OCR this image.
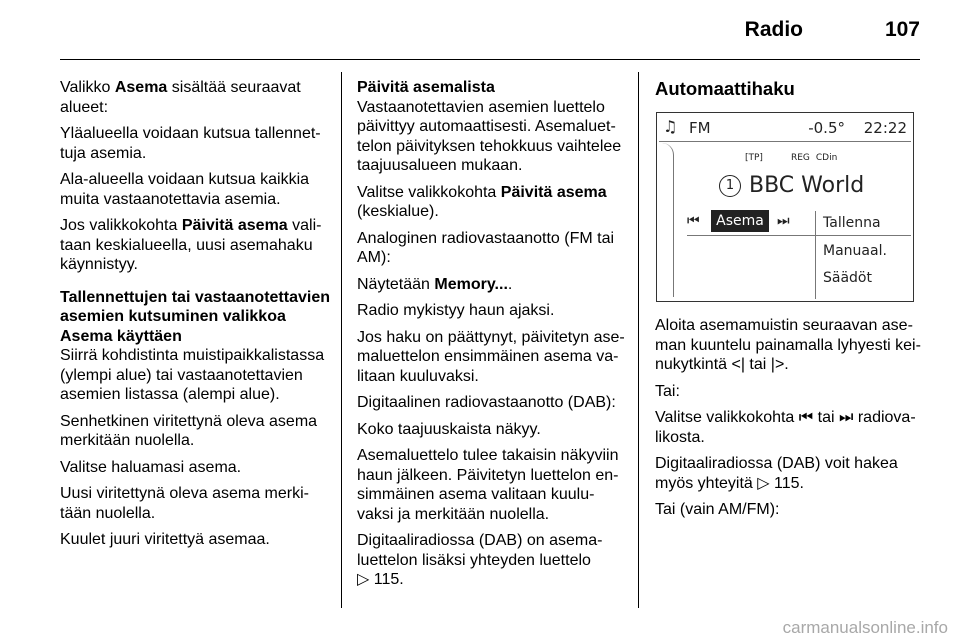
Radio	107

Valikko Asema sisältää seuraavat
alueet:

Yläalueella voidaan kutsua tallennet-
tuja asemia.

Ala-alueella voidaan kutsua kaikkia
muita vastaanotettavia asemia.

Jos valikkokohta Päivitä asema vali-
taan keskialueella, uusi asemahaku
käynnistyy.

Tallennettujen tai vastaanotettavien
asemien kutsuminen valikkoa
Asema käyttäen

Siirrä kohdistinta muistipaikkalistassa
(ylempi alue) tai vastaanotettavien
asemien listassa (alempi alue).

Senhetkinen viritettynä oleva asema
merkitään nuolella.

Valitse haluamasi asema.

Uusi viritettynä oleva asema merki-
tään nuolella.

Kuulet juuri viritettyä asemaa.

Päivitä asemalista

Vastaanotettavien asemien luettelo
päivittyy automaattisesti. Asemaluet-
telon päivityksen tehokkuus vaihtelee
taajuusalueen mukaan.

Valitse valikkokohta Päivitä asema
(keskialue).

Analoginen radiovastaanotto (FM tai
AM):

Näytetään Memory....

Radio mykistyy haun ajaksi.

Jos haku on päättynyt, päivitetyn ase-
maluettelon ensimmäinen asema va-
litaan kuuluvaksi.

Digitaalinen radiovastaanotto (DAB):

Koko taajuuskaista näkyy.

Asemaluettelo tulee takaisin näkyviin
haun jälkeen. Päivitetyn luettelon en-
simmäinen asema valitaan kuulu-
vaksi ja merkitään nuolella.

Digitaaliradiossa (DAB) on asema-
luettelon lisäksi yhteyden luettelo
▷ 115.

Automaattihaku
♫ FM	-0.5° 22:22
[TP]	REG CDin
1 BBC World
⏮	Asema ⏭	Tallenna
Manuaal.
Säädöt

Aloita asemamuistin seuraavan ase-
man kuuntelu painamalla lyhyesti kei-
nukytkintä <| tai |>.

Tai:

Valitse valikkokohta ⏮ tai ⏭ radiova-
likosta.

Digitaaliradiossa (DAB) voit hakea
myös yhteyitä ▷ 115.

Tai (vain AM/FM):

carmanualsonline.info
